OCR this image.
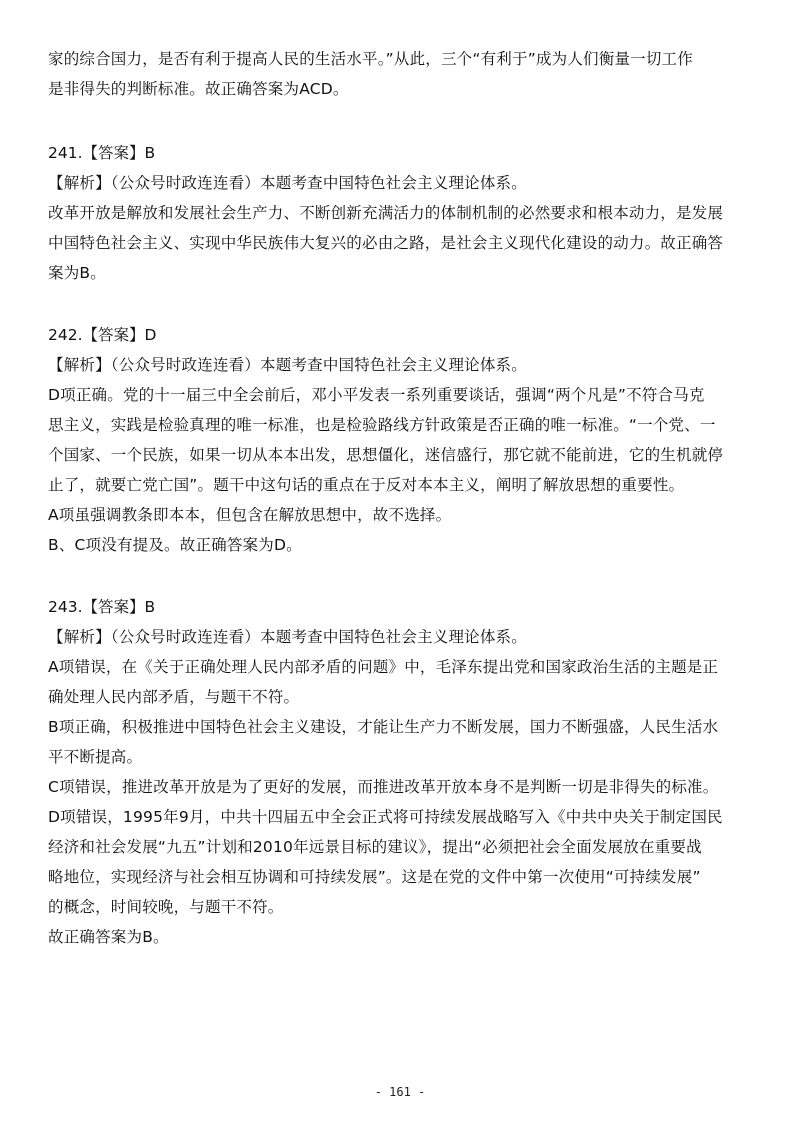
家的综合国力，是否有利于提高人民的生活水平。”从此，三个“有利于”成为人们衡量一切工作
是非得失的判断标准。故正确答案为ACD。
241.【答案】B
【解析】（公众号时政连连看）本题考查中国特色社会主义理论体系。
改革开放是解放和发展社会生产力、不断创新充满活力的体制机制的必然要求和根本动力，是发展
中国特色社会主义、实现中华民族伟大复兴的必由之路，是社会主义现代化建设的动力。故正确答
案为B。
242.【答案】D
【解析】（公众号时政连连看）本题考查中国特色社会主义理论体系。
D项正确。党的十一届三中全会前后，邓小平发表一系列重要谈话，强调“两个凡是”不符合马克
思主义，实践是检验真理的唯一标准，也是检验路线方针政策是否正确的唯一标准。“一个党、一
个国家、一个民族，如果一切从本本出发，思想僵化，迷信盛行，那它就不能前进，它的生机就停
止了，就要亡党亡国”。题干中这句话的重点在于反对本本主义，阐明了解放思想的重要性。
A项虽强调教条即本本，但包含在解放思想中，故不选择。
B、C项没有提及。故正确答案为D。
243.【答案】B
【解析】（公众号时政连连看）本题考查中国特色社会主义理论体系。
A项错误，在《关于正确处理人民内部矛盾的问题》中，毛泽东提出党和国家政治生活的主题是正
确处理人民内部矛盾，与题干不符。
B项正确，积极推进中国特色社会主义建设，才能让生产力不断发展，国力不断强盛，人民生活水
平不断提高。
C项错误，推进改革开放是为了更好的发展，而推进改革开放本身不是判断一切是非得失的标准。
D项错误，1995年9月，中共十四届五中全会正式将可持续发展战略写入《中共中央关于制定国民
经济和社会发展“九五”计划和2010年远景目标的建议》，提出“必须把社会全面发展放在重要战
略地位，实现经济与社会相互协调和可持续发展”。这是在党的文件中第一次使用“可持续发展”
的概念，时间较晚，与题干不符。
故正确答案为B。
- 161 -
